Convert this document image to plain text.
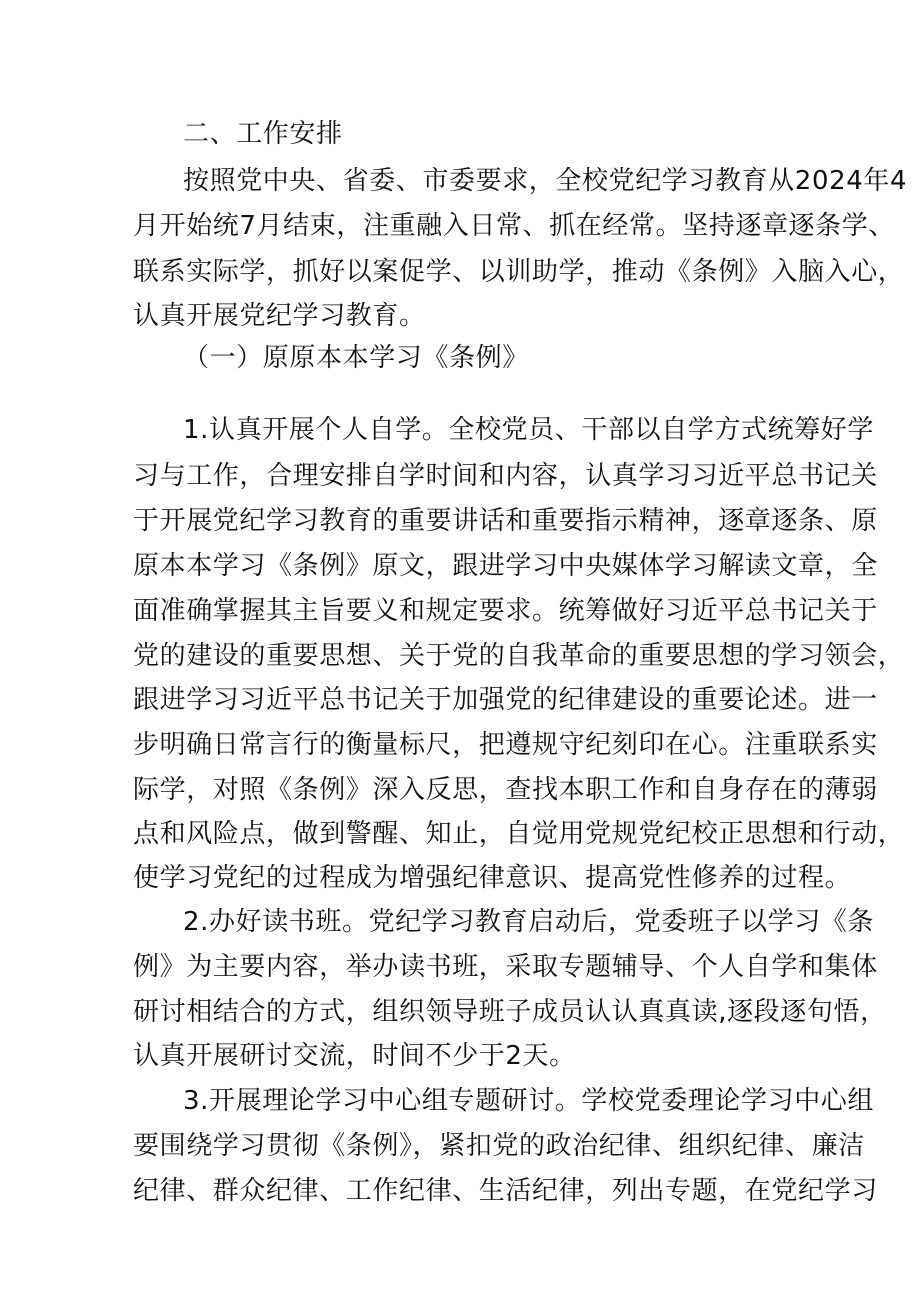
二、工作安排
按照党中央、省委、市委要求，全校党纪学习教育从2024年4
月开始统7月结束，注重融入日常、抓在经常。坚持逐章逐条学、
联系实际学，抓好以案促学、以训助学，推动《条例》入脑入心，
认真开展党纪学习教育。
（一）原原本本学习《条例》
1.认真开展个人自学。全校党员、干部以自学方式统筹好学
习与工作，合理安排自学时间和内容，认真学习习近平总书记关
于开展党纪学习教育的重要讲话和重要指示精神，逐章逐条、原
原本本学习《条例》原文，跟进学习中央媒体学习解读文章，全
面准确掌握其主旨要义和规定要求。统筹做好习近平总书记关于
党的建设的重要思想、关于党的自我革命的重要思想的学习领会，
跟进学习习近平总书记关于加强党的纪律建设的重要论述。进一
步明确日常言行的衡量标尺，把遵规守纪刻印在心。注重联系实
际学，对照《条例》深入反思，查找本职工作和自身存在的薄弱
点和风险点，做到警醒、知止，自觉用党规党纪校正思想和行动，
使学习党纪的过程成为增强纪律意识、提高党性修养的过程。
2.办好读书班。党纪学习教育启动后，党委班子以学习《条
例》为主要内容，举办读书班，采取专题辅导、个人自学和集体
研讨相结合的方式，组织领导班子成员认认真真读,逐段逐句悟，
认真开展研讨交流，时间不少于2天。
3.开展理论学习中心组专题研讨。学校党委理论学习中心组
要围绕学习贯彻《条例》，紧扣党的政治纪律、组织纪律、廉洁
纪律、群众纪律、工作纪律、生活纪律，列出专题，在党纪学习
